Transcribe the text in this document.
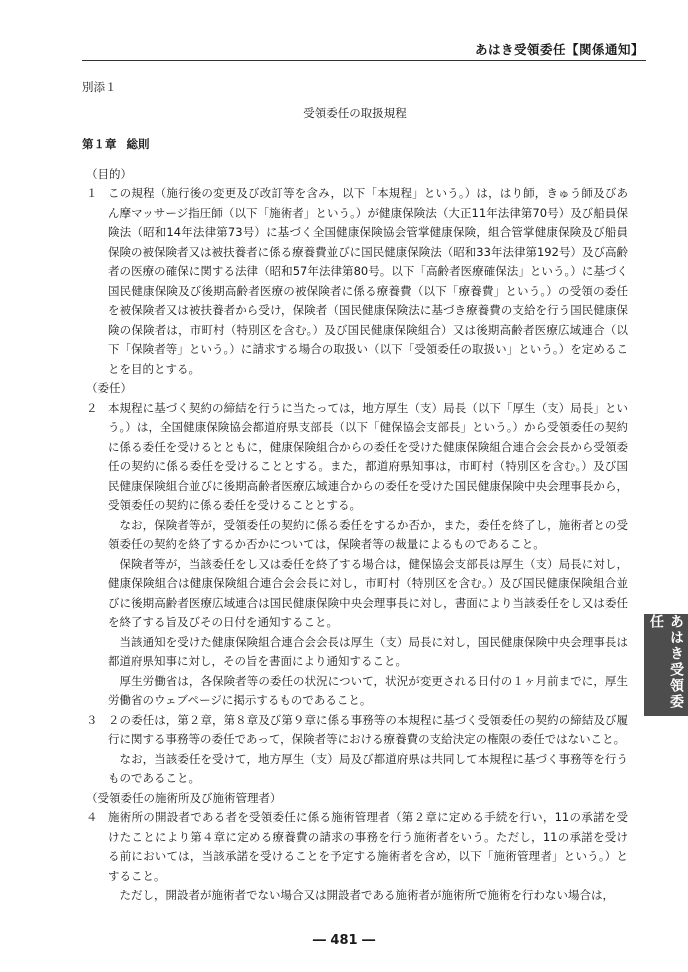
あはき受領委任【関係通知】
別添１
受領委任の取扱規程
第１章 総則
（目的）
１ この規程（施行後の変更及び改訂等を含み，以下「本規程」という。）は，はり師，きゅう師及びあん摩マッサージ指圧師（以下「施術者」という。）が健康保険法（大正11年法律第70号）及び船員保険法（昭和14年法律第73号）に基づく全国健康保険協会管掌健康保険，組合管掌健康保険及び船員保険の被保険者又は被扶養者に係る療養費並びに国民健康保険法（昭和33年法律第192号）及び高齢者の医療の確保に関する法律（昭和57年法律第80号。以下「高齢者医療確保法」という。）に基づく国民健康保険及び後期高齢者医療の被保険者に係る療養費（以下「療養費」という。）の受領の委任を被保険者又は被扶養者から受け，保険者（国民健康保険法に基づき療養費の支給を行う国民健康保険の保険者は，市町村（特別区を含む。）及び国民健康保険組合）又は後期高齢者医療広域連合（以下「保険者等」という。）に請求する場合の取扱い（以下「受領委任の取扱い」という。）を定めることを目的とする。
（委任）
２ 本規程に基づく契約の締結を行うに当たっては，地方厚生（支）局長（以下「厚生（支）局長」という。）は，全国健康保険協会都道府県支部長（以下「健保協会支部長」という。）から受領委任の契約に係る委任を受けるとともに，健康保険組合からの委任を受けた健康保険組合連合会会長から受領委任の契約に係る委任を受けることとする。また，都道府県知事は，市町村（特別区を含む。）及び国民健康保険組合並びに後期高齢者医療広域連合からの委任を受けた国民健康保険中央会理事長から，受領委任の契約に係る委任を受けることとする。
なお，保険者等が，受領委任の契約に係る委任をするか否か，また，委任を終了し，施術者との受領委任の契約を終了するか否かについては，保険者等の裁量によるものであること。
保険者等が，当該委任をし又は委任を終了する場合は，健保協会支部長は厚生（支）局長に対し，健康保険組合は健康保険組合連合会会長に対し，市町村（特別区を含む。）及び国民健康保険組合並びに後期高齢者医療広域連合は国民健康保険中央会理事長に対し，書面により当該委任をし又は委任を終了する旨及びその日付を通知すること。
当該通知を受けた健康保険組合連合会会長は厚生（支）局長に対し，国民健康保険中央会理事長は都道府県知事に対し，その旨を書面により通知すること。
厚生労働省は，各保険者等の委任の状況について，状況が変更される日付の１ヶ月前までに，厚生労働省のウェブページに掲示するものであること。
３ ２の委任は，第２章，第８章及び第９章に係る事務等の本規程に基づく受領委任の契約の締結及び履行に関する事務等の委任であって，保険者等における療養費の支給決定の権限の委任ではないこと。
なお，当該委任を受けて，地方厚生（支）局及び都道府県は共同して本規程に基づく事務等を行うものであること。
（受領委任の施術所及び施術管理者）
４ 施術所の開設者である者を受領委任に係る施術管理者（第２章に定める手続を行い，11の承諾を受けたことにより第４章に定める療養費の請求の事務を行う施術者をいう。ただし，11の承諾を受ける前においては，当該承諾を受けることを予定する施術者を含め，以下「施術管理者」という。）とすること。
ただし，開設者が施術者でない場合又は開設者である施術者が施術所で施術を行わない場合は，
あはき受領委任
― 481 ―
